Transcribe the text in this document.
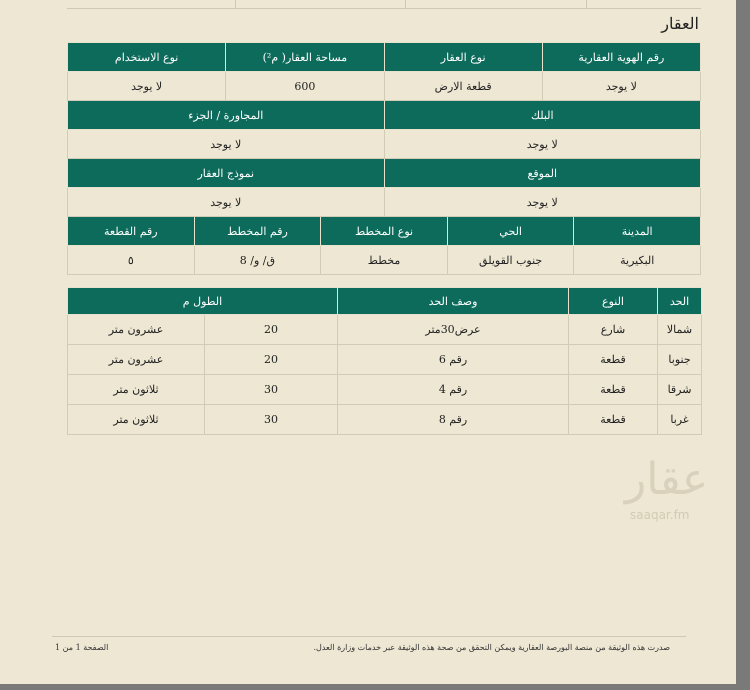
العقار
رقم الهوية العقارية		نوع العقار		مساحة العقار( م²)		نوع الاستخدام	
لا يوجد		قطعة الارض		600		لا يوجد	
البلك				المجاورة / الجزء			
لا يوجد				لا يوجد			
الموقع				نموذج العقار			
لا يوجد				لا يوجد			
المدينة	الحي		نوع المخطط		رقم المخطط		رقم القطعة
البكيرية	جنوب القويلق		مخطط		ق/ و/ 8		٥
الحد	النوع	وصف الحد	الطول م	
شمالا	شارع	عرض30متر	20	عشرون متر
جنوبا	قطعة	رقم 6	20	عشرون متر
شرقا	قطعة	رقم 4	30	ثلاثون متر
غربا	قطعة	رقم 8	30	ثلاثون متر
عقار
saaqar.fm
صدرت هذه الوثيقة من منصة البورصة العقارية ويمكن التحقق من صحة هذه الوثيقة عبر خدمات وزارة العدل.
الصفحة 1 من 1
